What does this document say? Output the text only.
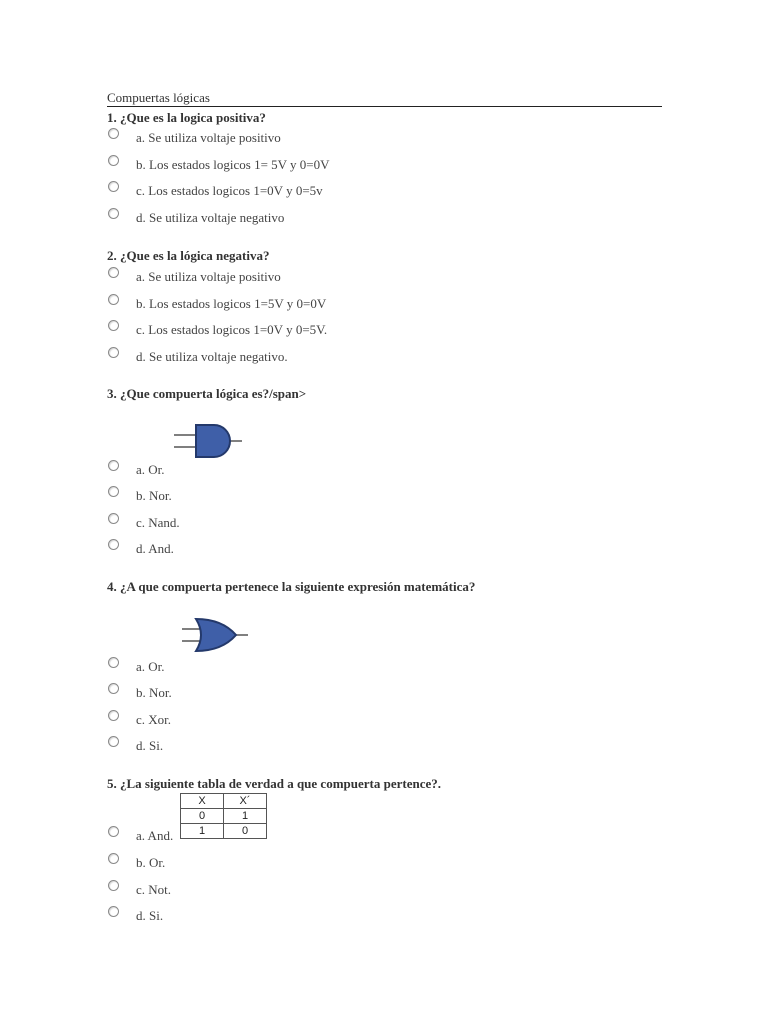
Compuertas lógicas
1. ¿Que es la logica positiva?
a. Se utiliza voltaje positivo
b. Los estados logicos 1= 5V y 0=0V
c. Los estados logicos 1=0V y 0=5v
d. Se utiliza voltaje negativo
2. ¿Que es la lógica negativa?
a. Se utiliza voltaje positivo
b. Los estados logicos 1=5V y 0=0V
c. Los estados logicos 1=0V y 0=5V.
d. Se utiliza voltaje negativo.
3. ¿Que compuerta lógica es?/span>
a. Or.
b. Nor.
c. Nand.
d. And.
4. ¿A que compuerta pertenece la siguiente expresión matemática?
a. Or.
b. Nor.
c. Xor.
d. Si.
5. ¿La siguiente tabla de verdad a que compuerta pertence?.
X	X´
0	1
1	0
a. And.
b. Or.
c. Not.
d. Si.
